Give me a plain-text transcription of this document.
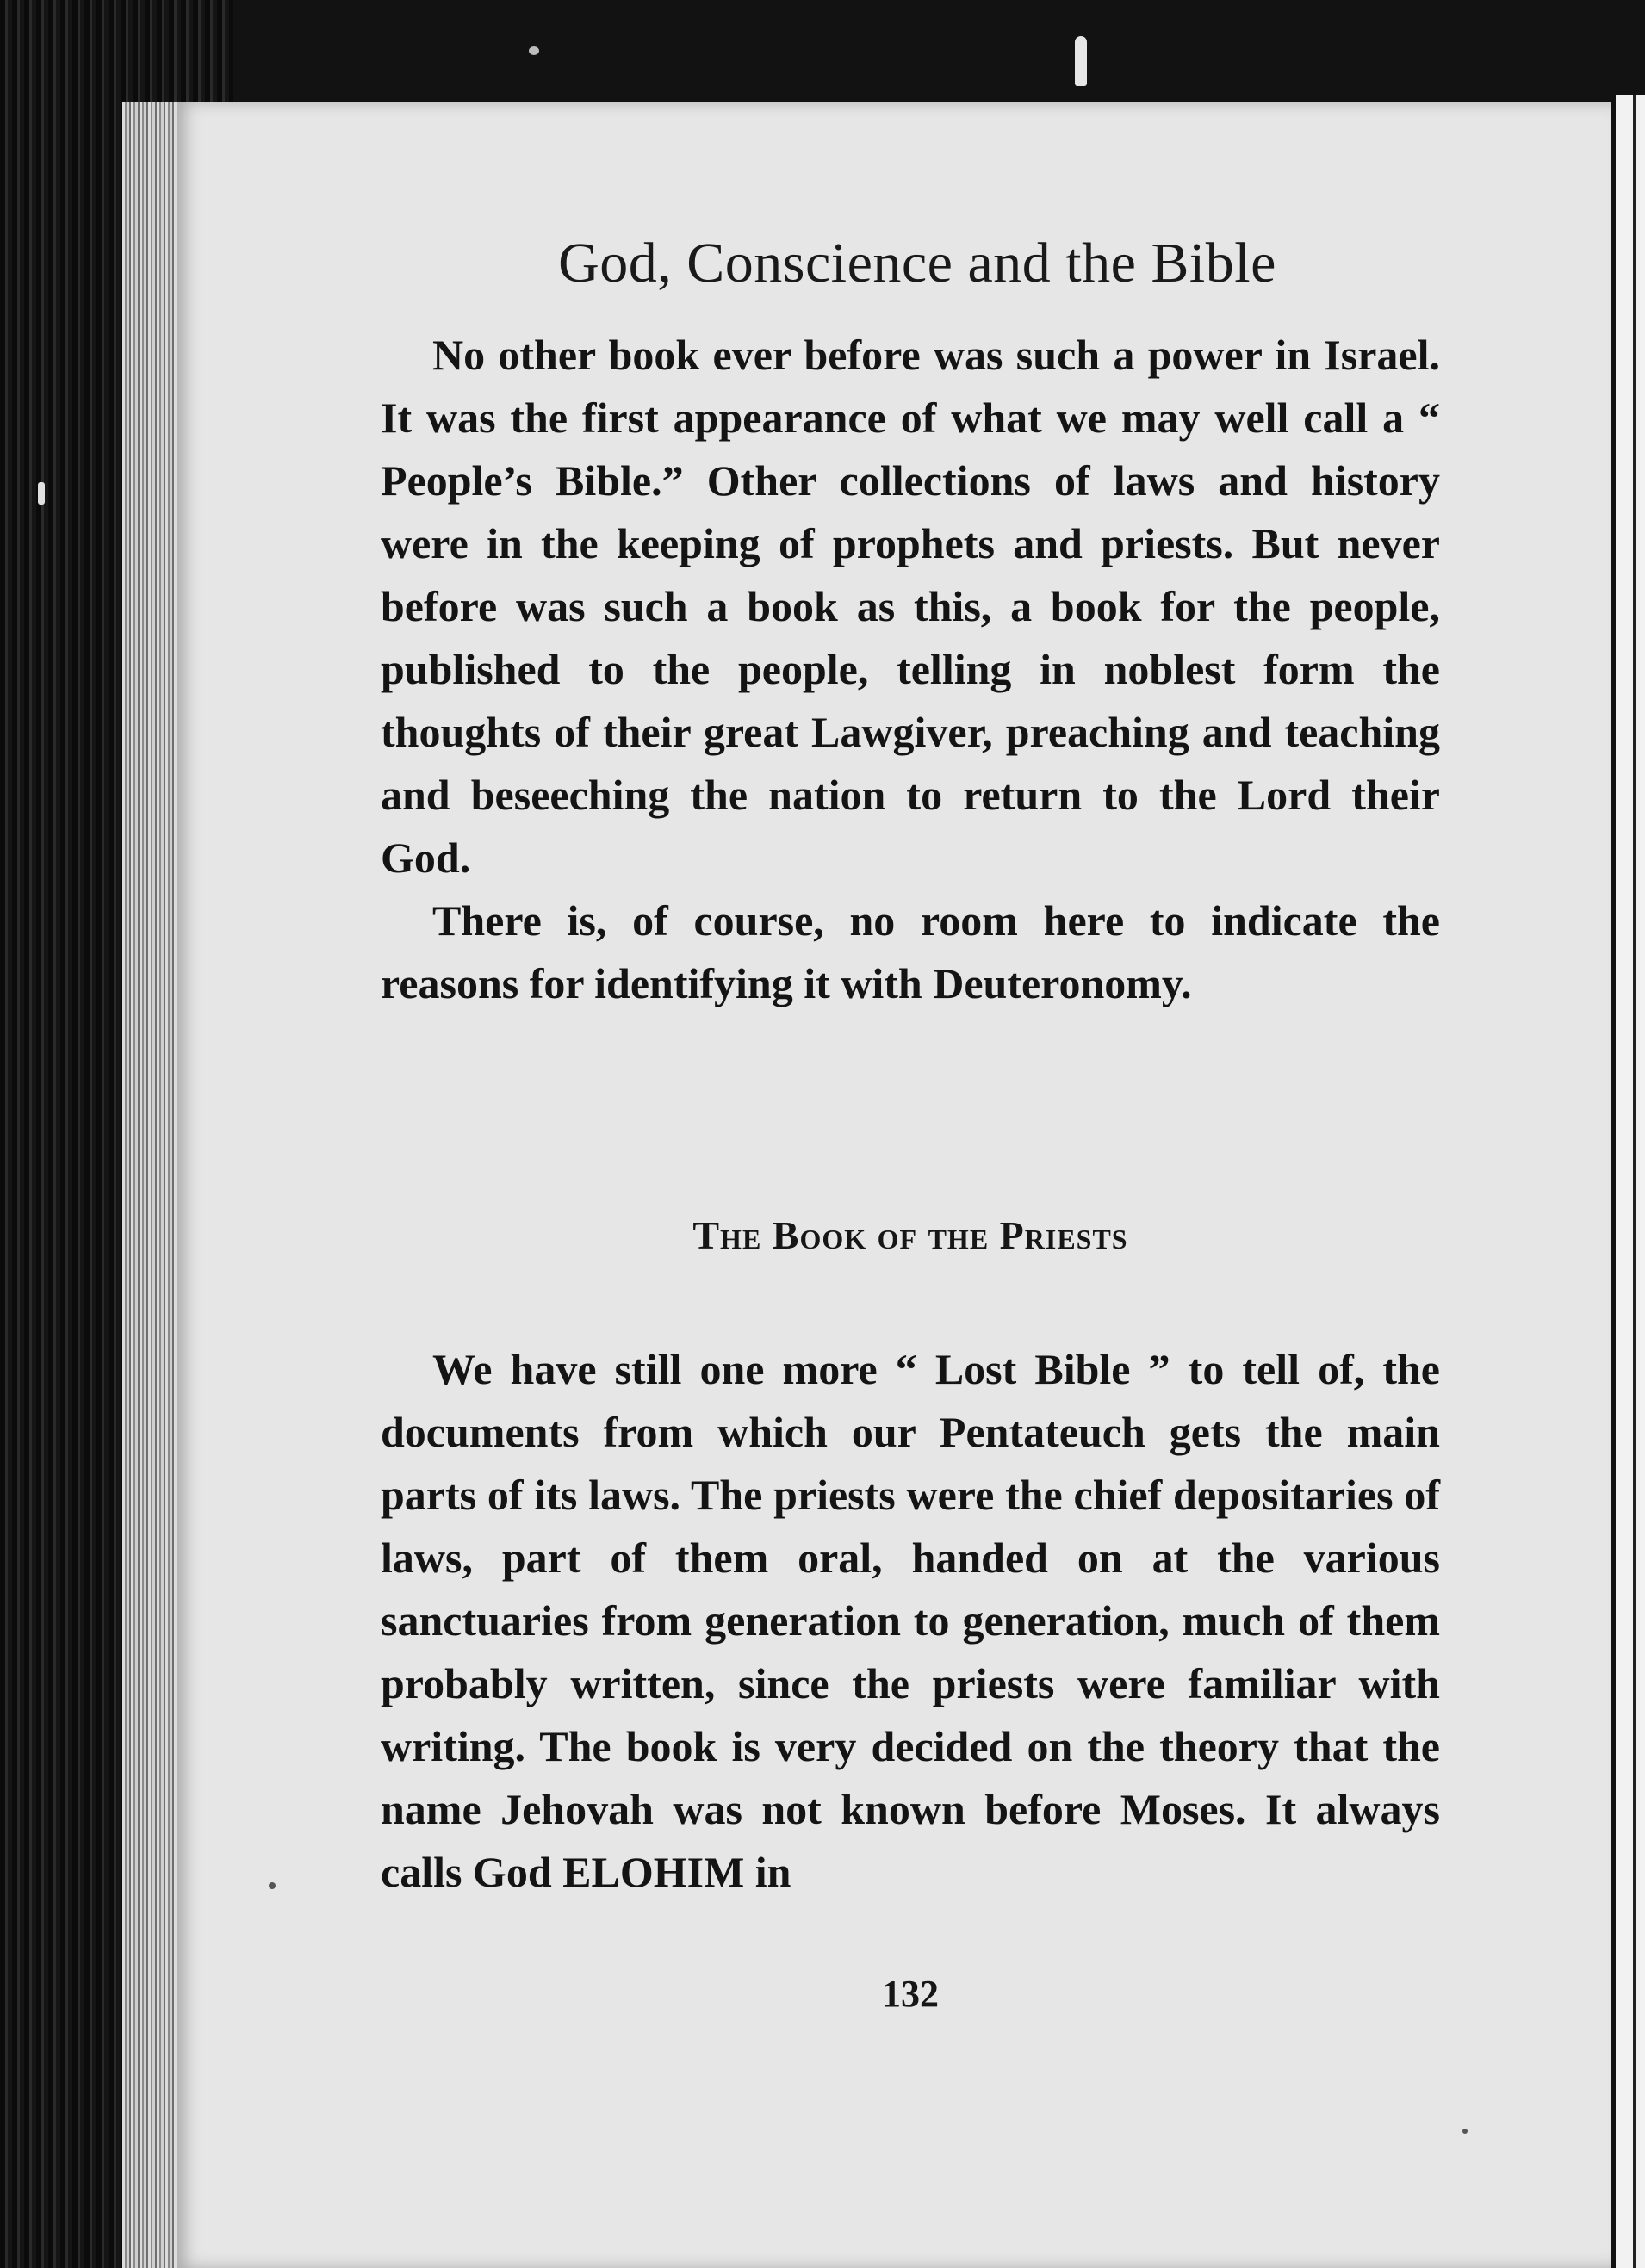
God, Conscience and the Bible

No other book ever before was such a power in Israel. It was the first appearance of what we may well call a “ People’s Bible.” Other collections of laws and history were in the keeping of prophets and priests. But never before was such a book as this, a book for the people, published to the people, telling in noblest form the thoughts of their great Lawgiver, preaching and teaching and beseeching the nation to return to the Lord their God.

There is, of course, no room here to indicate the reasons for identifying it with Deuteronomy.

The Book of the Priests

We have still one more “ Lost Bible ” to tell of, the documents from which our Pentateuch gets the main parts of its laws. The priests were the chief depositaries of laws, part of them oral, handed on at the various sanctuaries from generation to generation, much of them probably written, since the priests were familiar with writing. The book is very decided on the theory that the name Jehovah was not known before Moses. It always calls God ELOHIM in

132
